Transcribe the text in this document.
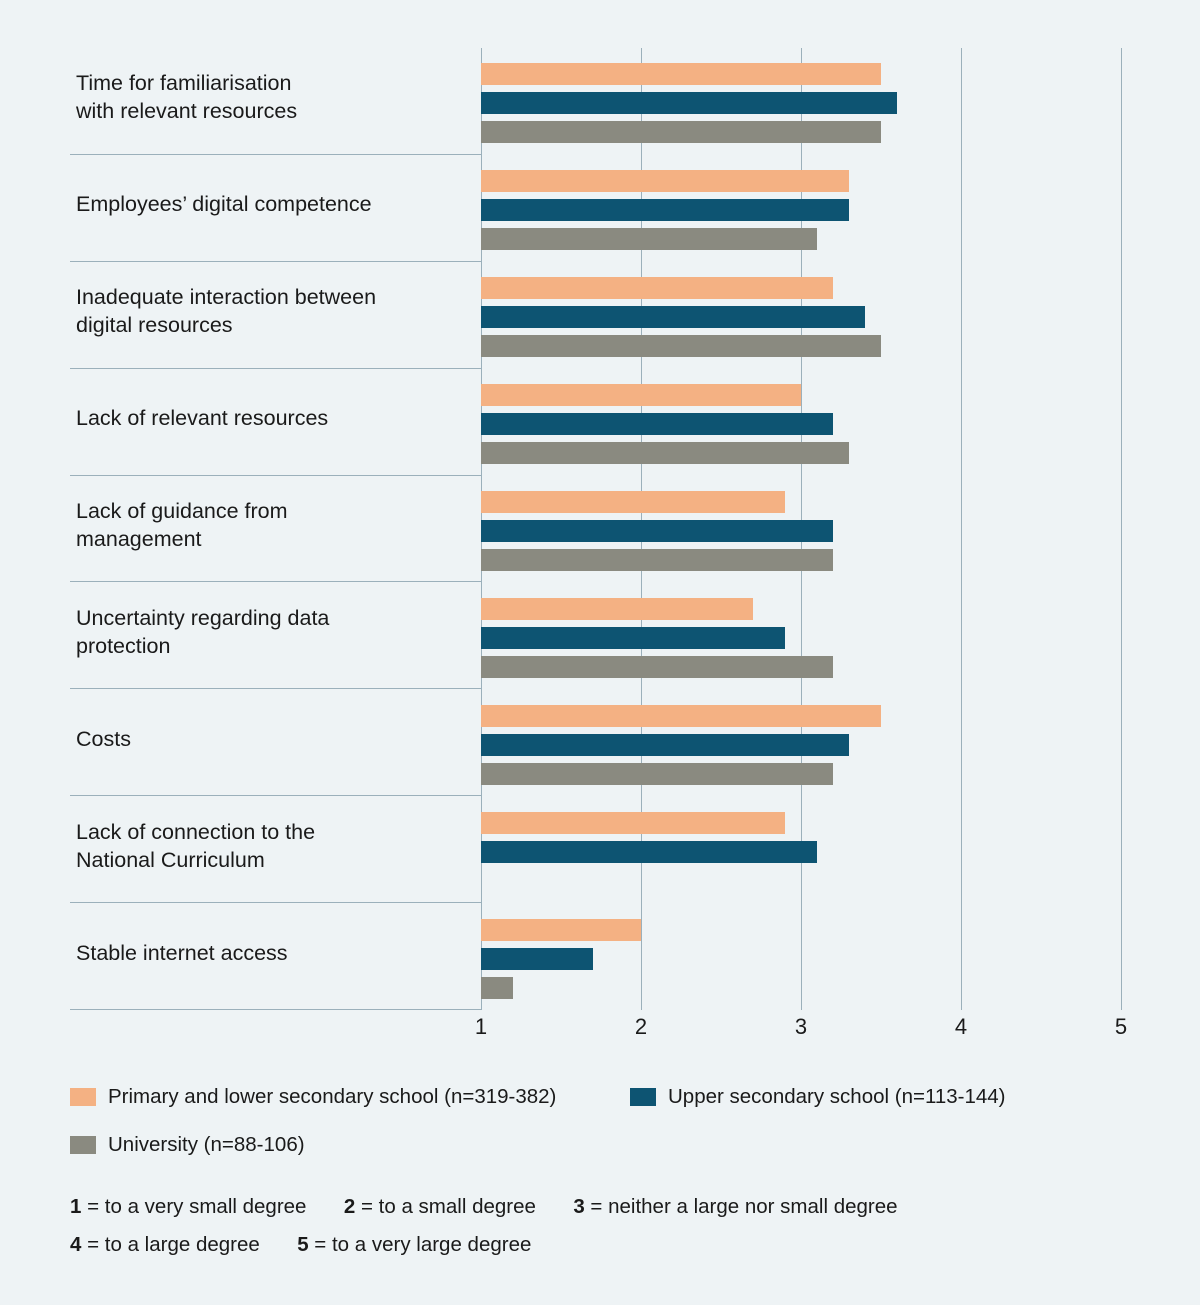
1	2	3	4	5
Time for familiarisation
with relevant resources
Employees’ digital competence
Inadequate interaction between
digital resources
Lack of relevant resources
Lack of guidance from
management
Uncertainty regarding data
protection
Costs
Lack of connection to the
National Curriculum
Stable internet access
Primary and lower secondary school (n=319-382)	Upper secondary school (n=113-144)
University (n=88-106)
1 = to a very small degree 2 = to a small degree 3 = neither a large nor small degree
4 = to a large degree 5 = to a very large degree
